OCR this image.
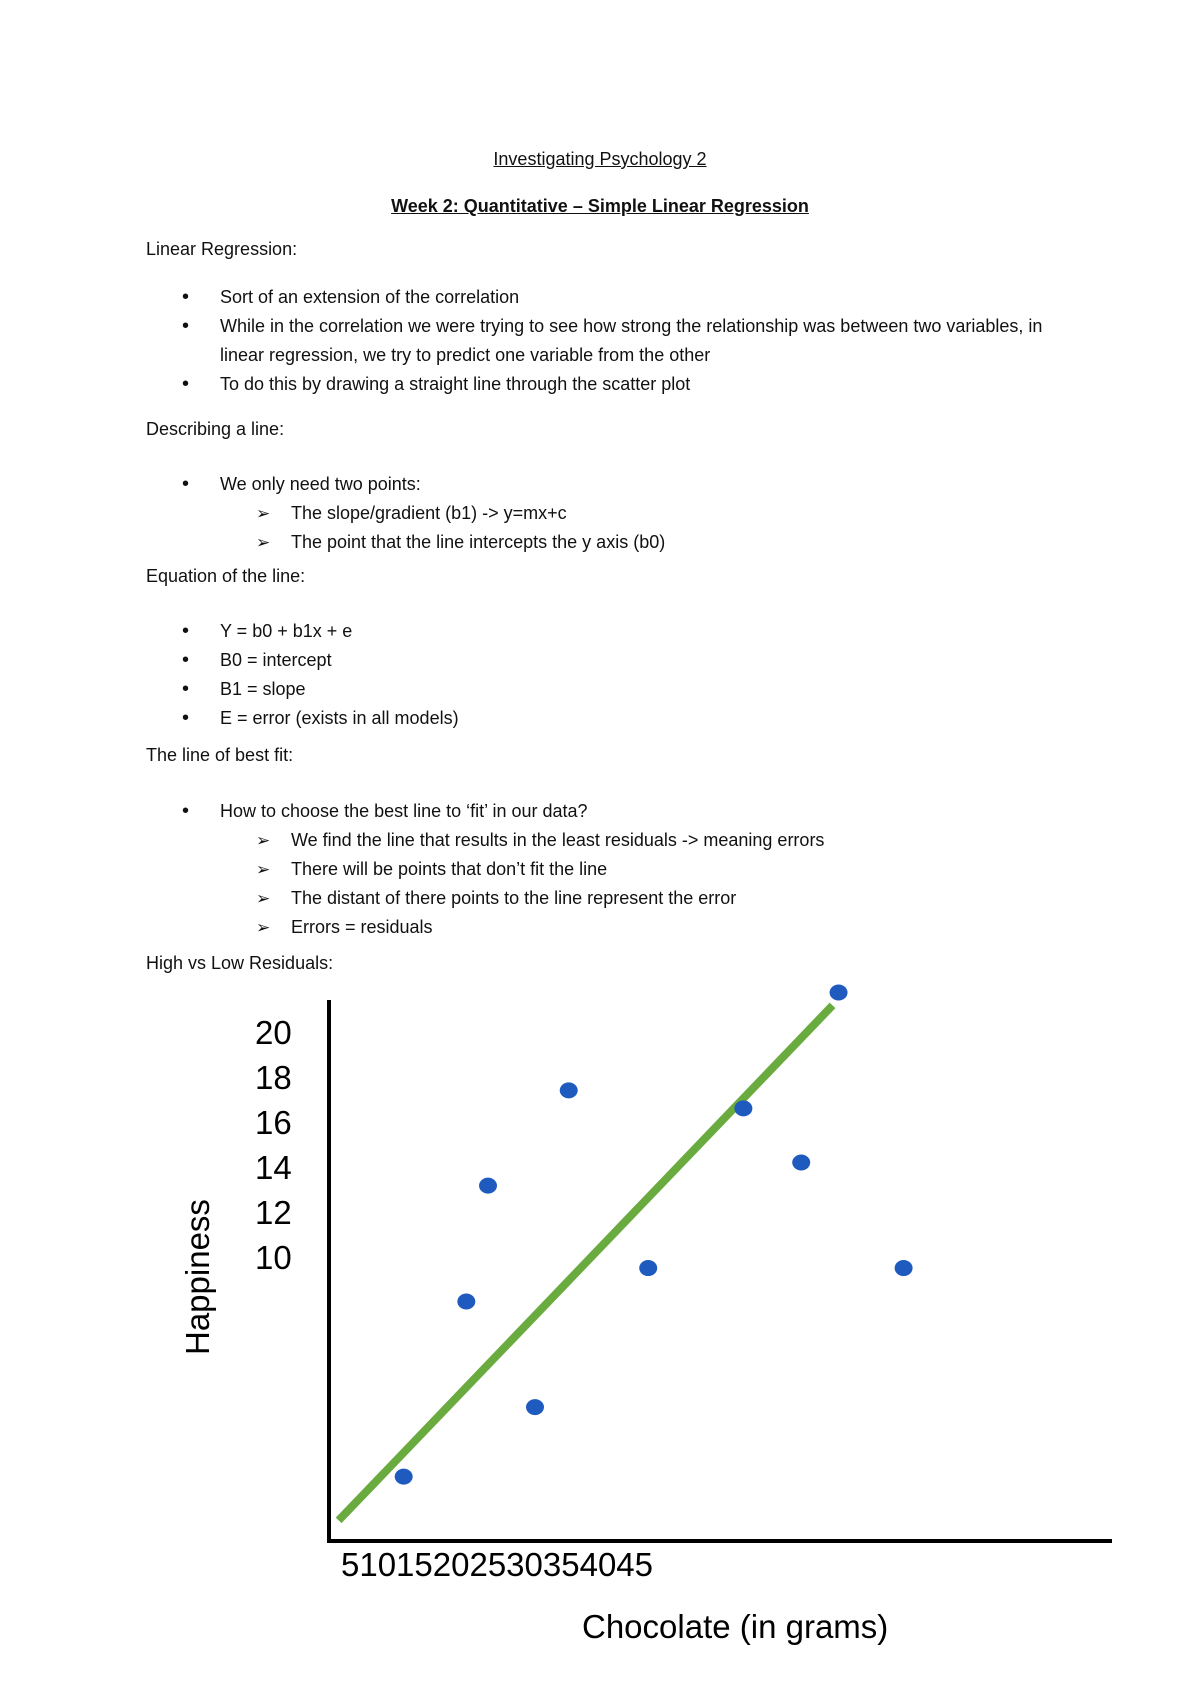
Investigating Psychology 2
Week 2: Quantitative – Simple Linear Regression
Linear Regression:
• Sort of an extension of the correlation
• While in the correlation we were trying to see how strong the relationship was between two variables, in linear regression, we try to predict one variable from the other
• To do this by drawing a straight line through the scatter plot
Describing a line:
• We only need two points:
➢ The slope/gradient (b1) -> y=mx+c
➢ The point that the line intercepts the y axis (b0)
Equation of the line:
• Y = b0 + b1x + e
• B0 = intercept
• B1 = slope
• E = error (exists in all models)
The line of best fit:
• How to choose the best line to ‘fit’ in our data?
➢ We find the line that results in the least residuals -> meaning errors
➢ There will be points that don’t fit the line
➢ The distant of there points to the line represent the error
➢ Errors = residuals
High vs Low Residuals:
20
18
16
14
12
10
51015202530354045
Chocolate (in grams)
Happiness
